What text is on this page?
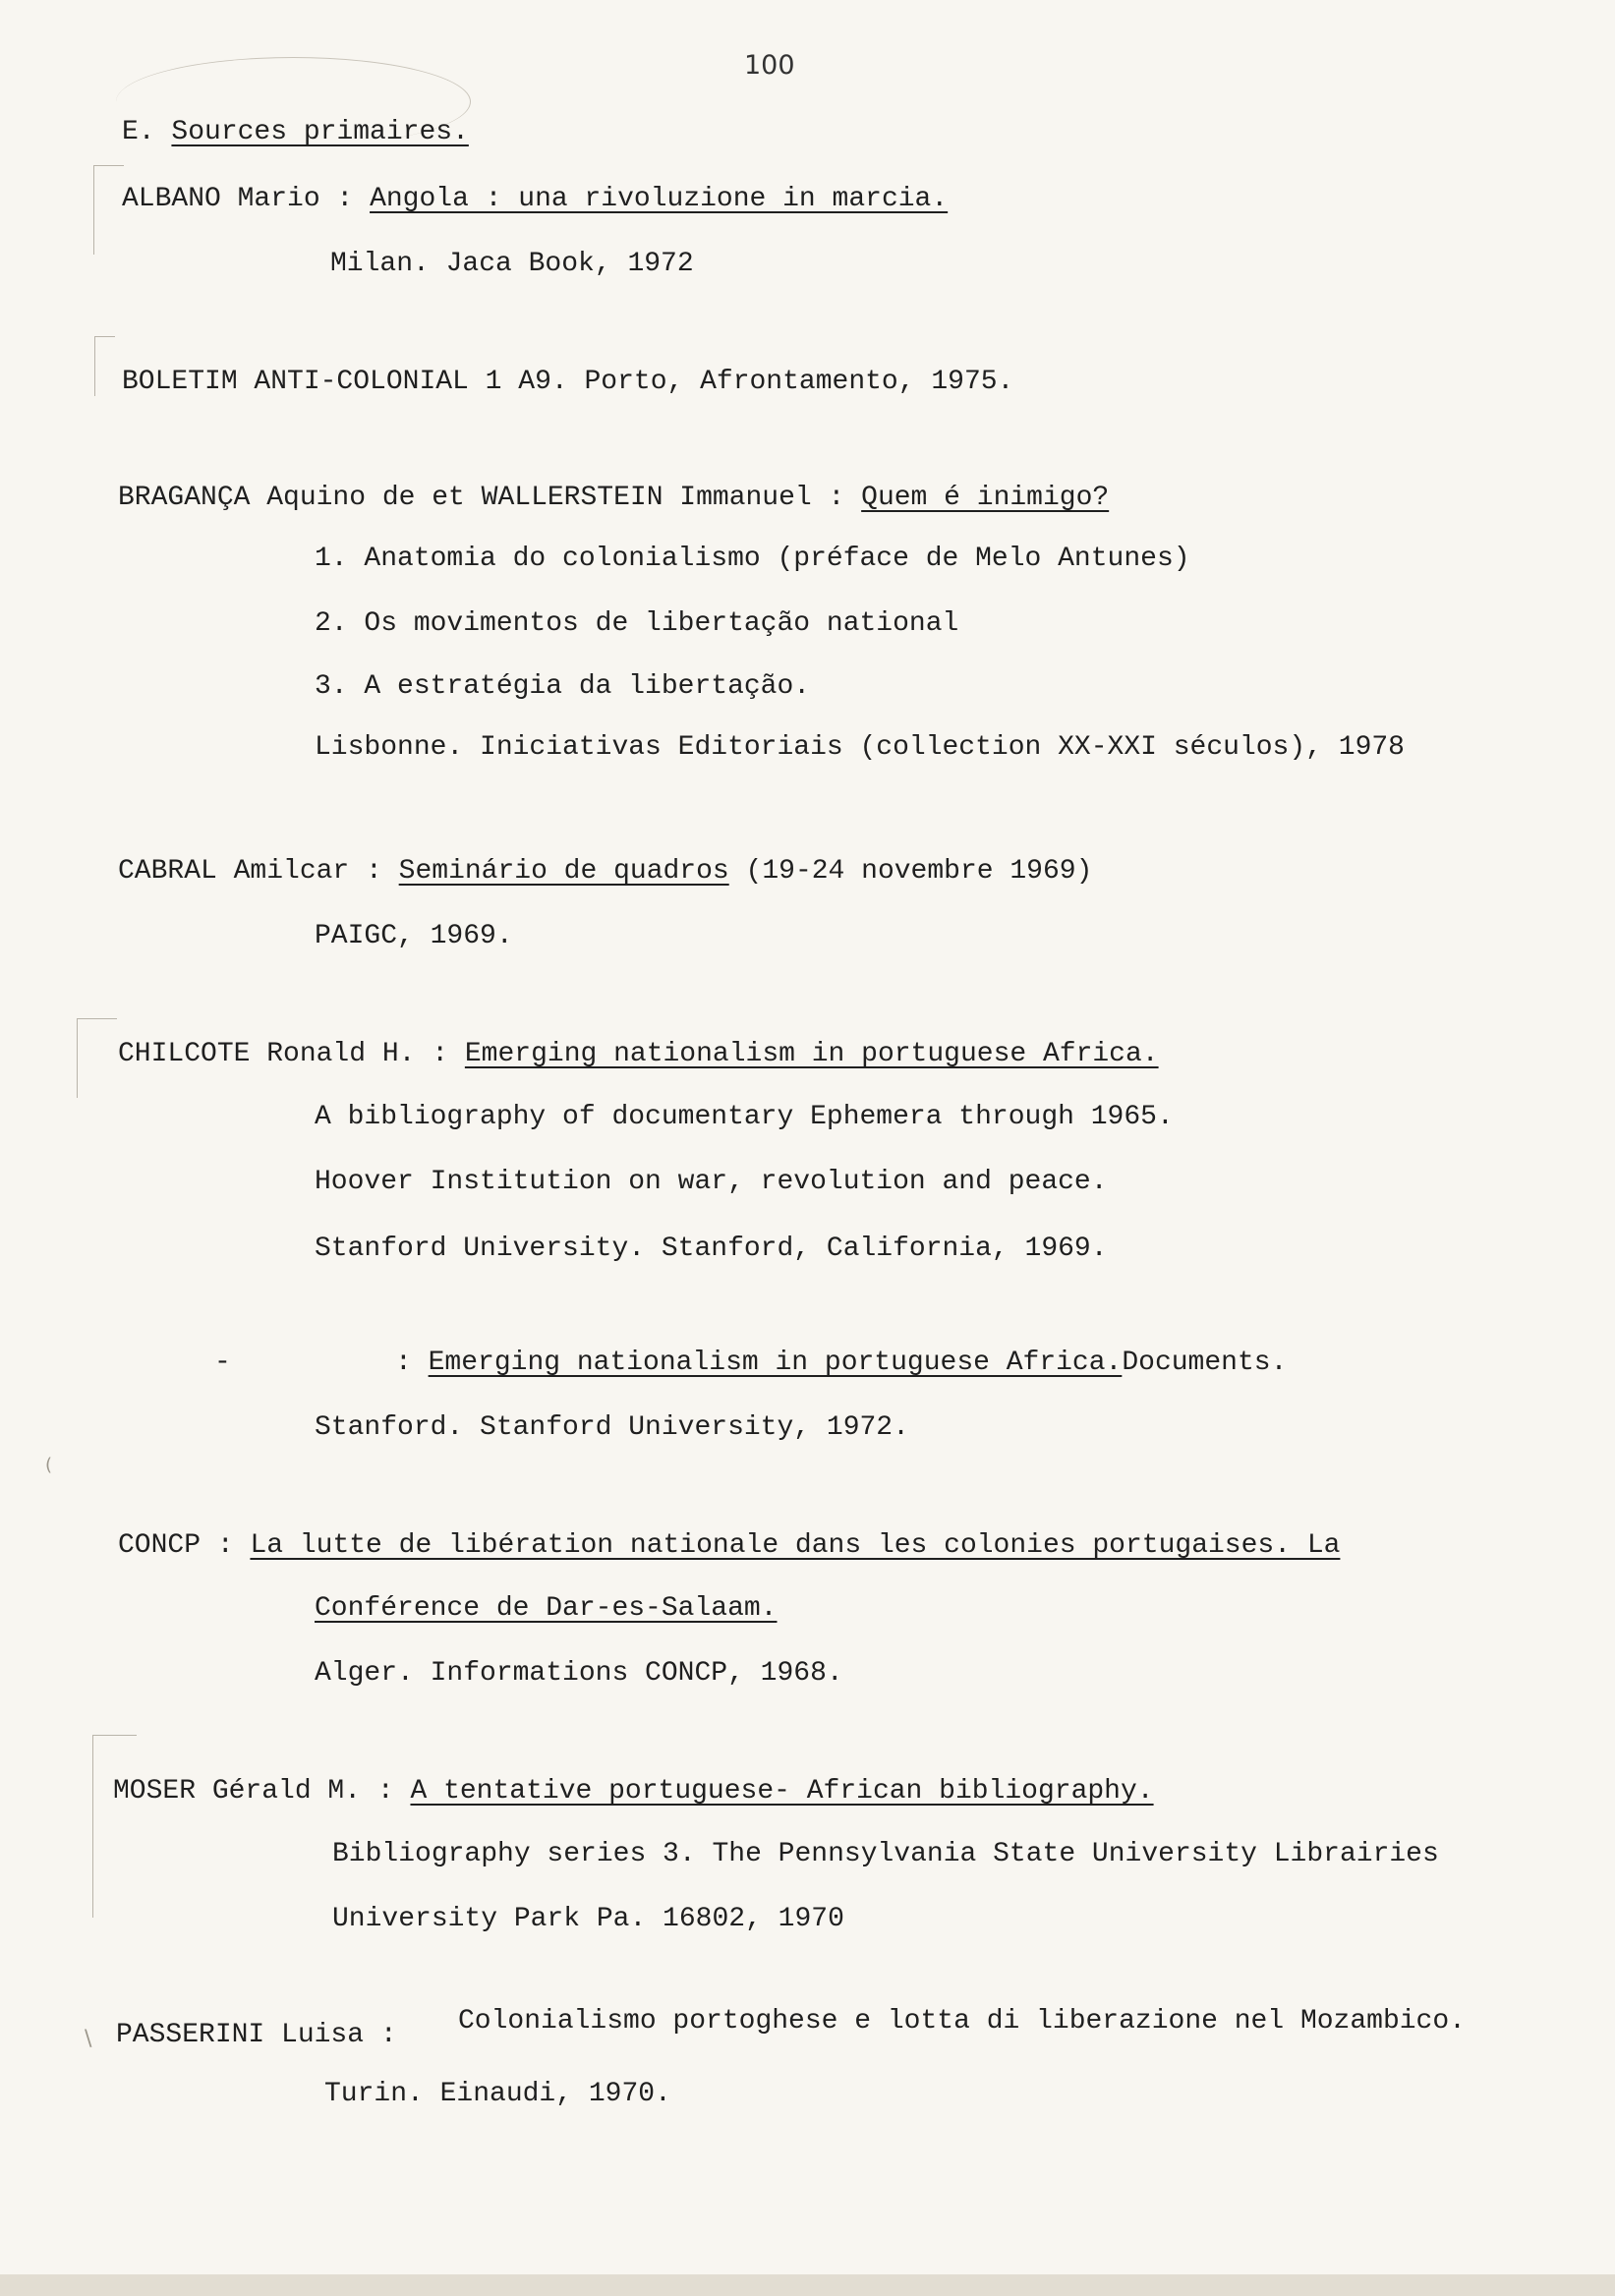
(
100
E. Sources primaires.
ALBANO Mario : Angola : una rivoluzione in marcia.
Milan. Jaca Book, 1972
BOLETIM ANTI-COLONIAL 1 A9. Porto, Afrontamento, 1975.
BRAGANÇA Aquino de et WALLERSTEIN Immanuel : Quem é inimigo?
1. Anatomia do colonialismo (préface de Melo Antunes)
2. Os movimentos de libertação national
3. A estratégia da libertação.
Lisbonne. Iniciativas Editoriais (collection XX-XXI séculos), 1978
CABRAL Amilcar : Seminário de quadros (19-24 novembre 1969)
PAIGC, 1969.
CHILCOTE Ronald H. : Emerging nationalism in portuguese Africa.
A bibliography of documentary Ephemera through 1965.
Hoover Institution on war, revolution and peace.
Stanford University. Stanford, California, 1969.
-	: Emerging nationalism in portuguese Africa.Documents.
Stanford. Stanford University, 1972.
CONCP : La lutte de libération nationale dans les colonies portugaises. La
Conférence de Dar-es-Salaam.
Alger. Informations CONCP, 1968.
MOSER Gérald M. : A tentative portuguese- African bibliography.
Bibliography series 3. The Pennsylvania State University Librairies
University Park Pa. 16802, 1970
\ PASSERINI Luisa : Colonialismo portoghese e lotta di liberazione nel Mozambico.
Turin. Einaudi, 1970.
